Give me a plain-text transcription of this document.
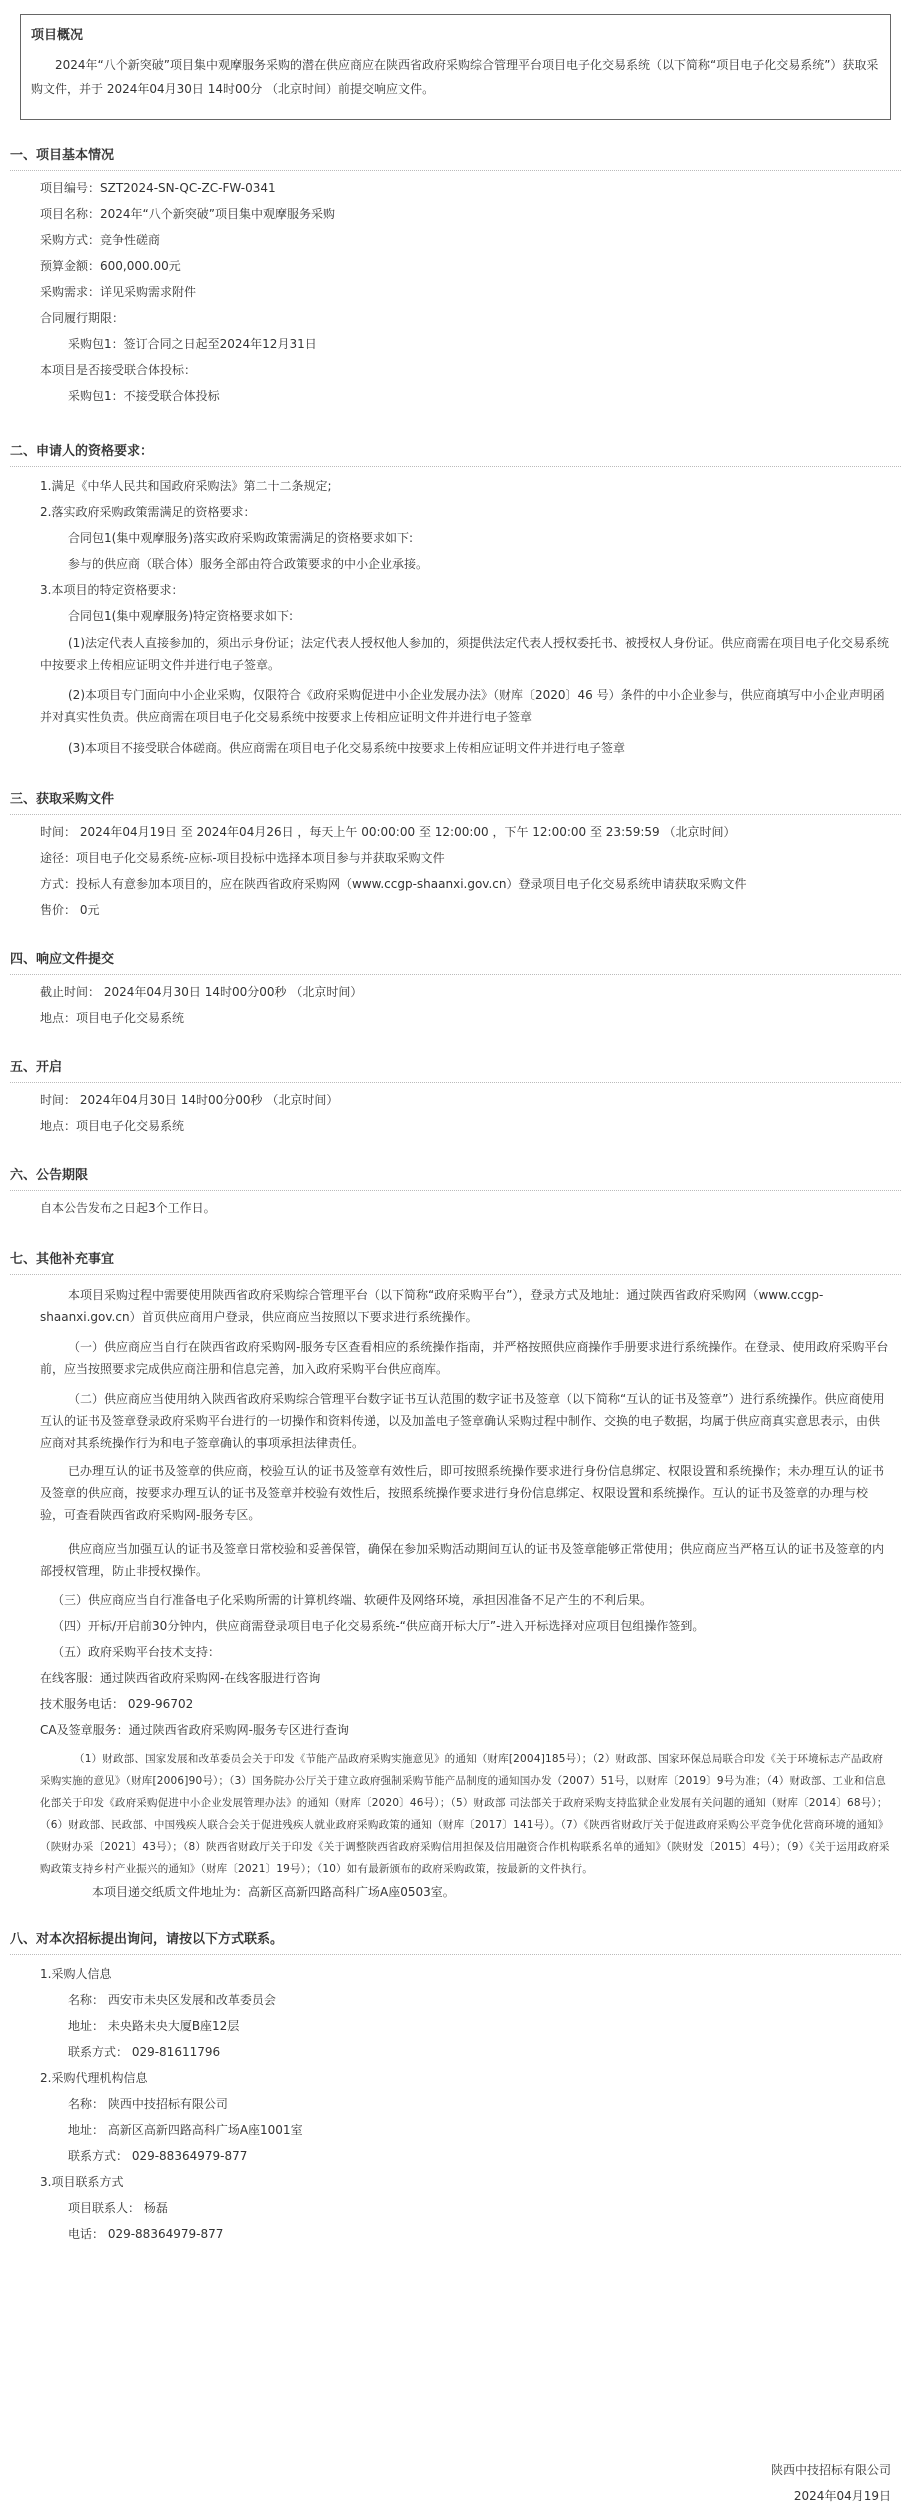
项目概况
2024年“八个新突破”项目集中观摩服务采购的潜在供应商应在陕西省政府采购综合管理平台项目电子化交易系统（以下简称“项目电子化交易系统”）获取采购文件，并于 2024年04月30日 14时00分 （北京时间）前提交响应文件。
一、项目基本情况
项目编号：SZT2024-SN-QC-ZC-FW-0341
项目名称：2024年“八个新突破”项目集中观摩服务采购
采购方式：竞争性磋商
预算金额：600,000.00元
采购需求：详见采购需求附件
合同履行期限：
采购包1：签订合同之日起至2024年12月31日
本项目是否接受联合体投标：
采购包1：不接受联合体投标
二、申请人的资格要求：
1.满足《中华人民共和国政府采购法》第二十二条规定;
2.落实政府采购政策需满足的资格要求：
合同包1(集中观摩服务)落实政府采购政策需满足的资格要求如下:
参与的供应商（联合体）服务全部由符合政策要求的中小企业承接。
3.本项目的特定资格要求：
合同包1(集中观摩服务)特定资格要求如下:
(1)法定代表人直接参加的，须出示身份证；法定代表人授权他人参加的，须提供法定代表人授权委托书、被授权人身份证。供应商需在项目电子化交易系统中按要求上传相应证明文件并进行电子签章。
(2)本项目专门面向中小企业采购，仅限符合《政府采购促进中小企业发展办法》（财库〔2020〕46 号）条件的中小企业参与，供应商填写中小企业声明函并对真实性负责。供应商需在项目电子化交易系统中按要求上传相应证明文件并进行电子签章
(3)本项目不接受联合体磋商。供应商需在项目电子化交易系统中按要求上传相应证明文件并进行电子签章
三、获取采购文件
时间： 2024年04月19日 至 2024年04月26日 ，每天上午 00:00:00 至 12:00:00 ，下午 12:00:00 至 23:59:59 （北京时间）
途径：项目电子化交易系统-应标-项目投标中选择本项目参与并获取采购文件
方式：投标人有意参加本项目的，应在陕西省政府采购网（www.ccgp-shaanxi.gov.cn）登录项目电子化交易系统申请获取采购文件
售价： 0元
四、响应文件提交
截止时间： 2024年04月30日 14时00分00秒 （北京时间）
地点：项目电子化交易系统
五、开启
时间： 2024年04月30日 14时00分00秒 （北京时间）
地点：项目电子化交易系统
六、公告期限
自本公告发布之日起3个工作日。
七、其他补充事宜
本项目采购过程中需要使用陕西省政府采购综合管理平台（以下简称“政府采购平台”），登录方式及地址：通过陕西省政府采购网（www.ccgp-shaanxi.gov.cn）首页供应商用户登录，供应商应当按照以下要求进行系统操作。
（一）供应商应当自行在陕西省政府采购网-服务专区查看相应的系统操作指南，并严格按照供应商操作手册要求进行系统操作。在登录、使用政府采购平台前，应当按照要求完成供应商注册和信息完善，加入政府采购平台供应商库。
（二）供应商应当使用纳入陕西省政府采购综合管理平台数字证书互认范围的数字证书及签章（以下简称“互认的证书及签章”）进行系统操作。供应商使用互认的证书及签章登录政府采购平台进行的一切操作和资料传递，以及加盖电子签章确认采购过程中制作、交换的电子数据，均属于供应商真实意思表示，由供应商对其系统操作行为和电子签章确认的事项承担法律责任。
已办理互认的证书及签章的供应商，校验互认的证书及签章有效性后，即可按照系统操作要求进行身份信息绑定、权限设置和系统操作；未办理互认的证书及签章的供应商，按要求办理互认的证书及签章并校验有效性后，按照系统操作要求进行身份信息绑定、权限设置和系统操作。互认的证书及签章的办理与校验，可查看陕西省政府采购网-服务专区。
供应商应当加强互认的证书及签章日常校验和妥善保管，确保在参加采购活动期间互认的证书及签章能够正常使用；供应商应当严格互认的证书及签章的内部授权管理，防止非授权操作。
（三）供应商应当自行准备电子化采购所需的计算机终端、软硬件及网络环境，承担因准备不足产生的不利后果。
（四）开标/开启前30分钟内，供应商需登录项目电子化交易系统-“供应商开标大厅”-进入开标选择对应项目包组操作签到。
（五）政府采购平台技术支持：
在线客服：通过陕西省政府采购网-在线客服进行咨询
技术服务电话： 029-96702
CA及签章服务：通过陕西省政府采购网-服务专区进行查询
（1）财政部、国家发展和改革委员会关于印发《节能产品政府采购实施意见》的通知（财库[2004]185号）；（2）财政部、国家环保总局联合印发《关于环境标志产品政府采购实施的意见》（财库[2006]90号）；（3）国务院办公厅关于建立政府强制采购节能产品制度的通知国办发（2007）51号，以财库〔2019〕9号为准；（4）财政部、工业和信息化部关于印发《政府采购促进中小企业发展管理办法》的通知（财库〔2020〕46号）；（5）财政部 司法部关于政府采购支持监狱企业发展有关问题的通知（财库〔2014〕68号）；（6）财政部、民政部、中国残疾人联合会关于促进残疾人就业政府采购政策的通知（财库〔2017〕141号）。（7）《陕西省财政厅关于促进政府采购公平竞争优化营商环境的通知》（陕财办采〔2021〕43号）；（8）陕西省财政厅关于印发《关于调整陕西省政府采购信用担保及信用融资合作机构联系名单的通知》（陕财发〔2015〕4号）；（9）《关于运用政府采购政策支持乡村产业振兴的通知》（财库〔2021〕19号）；（10）如有最新颁布的政府采购政策，按最新的文件执行。
本项目递交纸质文件地址为：高新区高新四路高科广场A座0503室。
八、对本次招标提出询问，请按以下方式联系。
1.采购人信息
名称： 西安市未央区发展和改革委员会
地址： 未央路未央大厦B座12层
联系方式： 029-81611796
2.采购代理机构信息
名称： 陕西中技招标有限公司
地址： 高新区高新四路高科广场A座1001室
联系方式： 029-88364979-877
3.项目联系方式
项目联系人： 杨磊
电话： 029-88364979-877
陕西中技招标有限公司
2024年04月19日
